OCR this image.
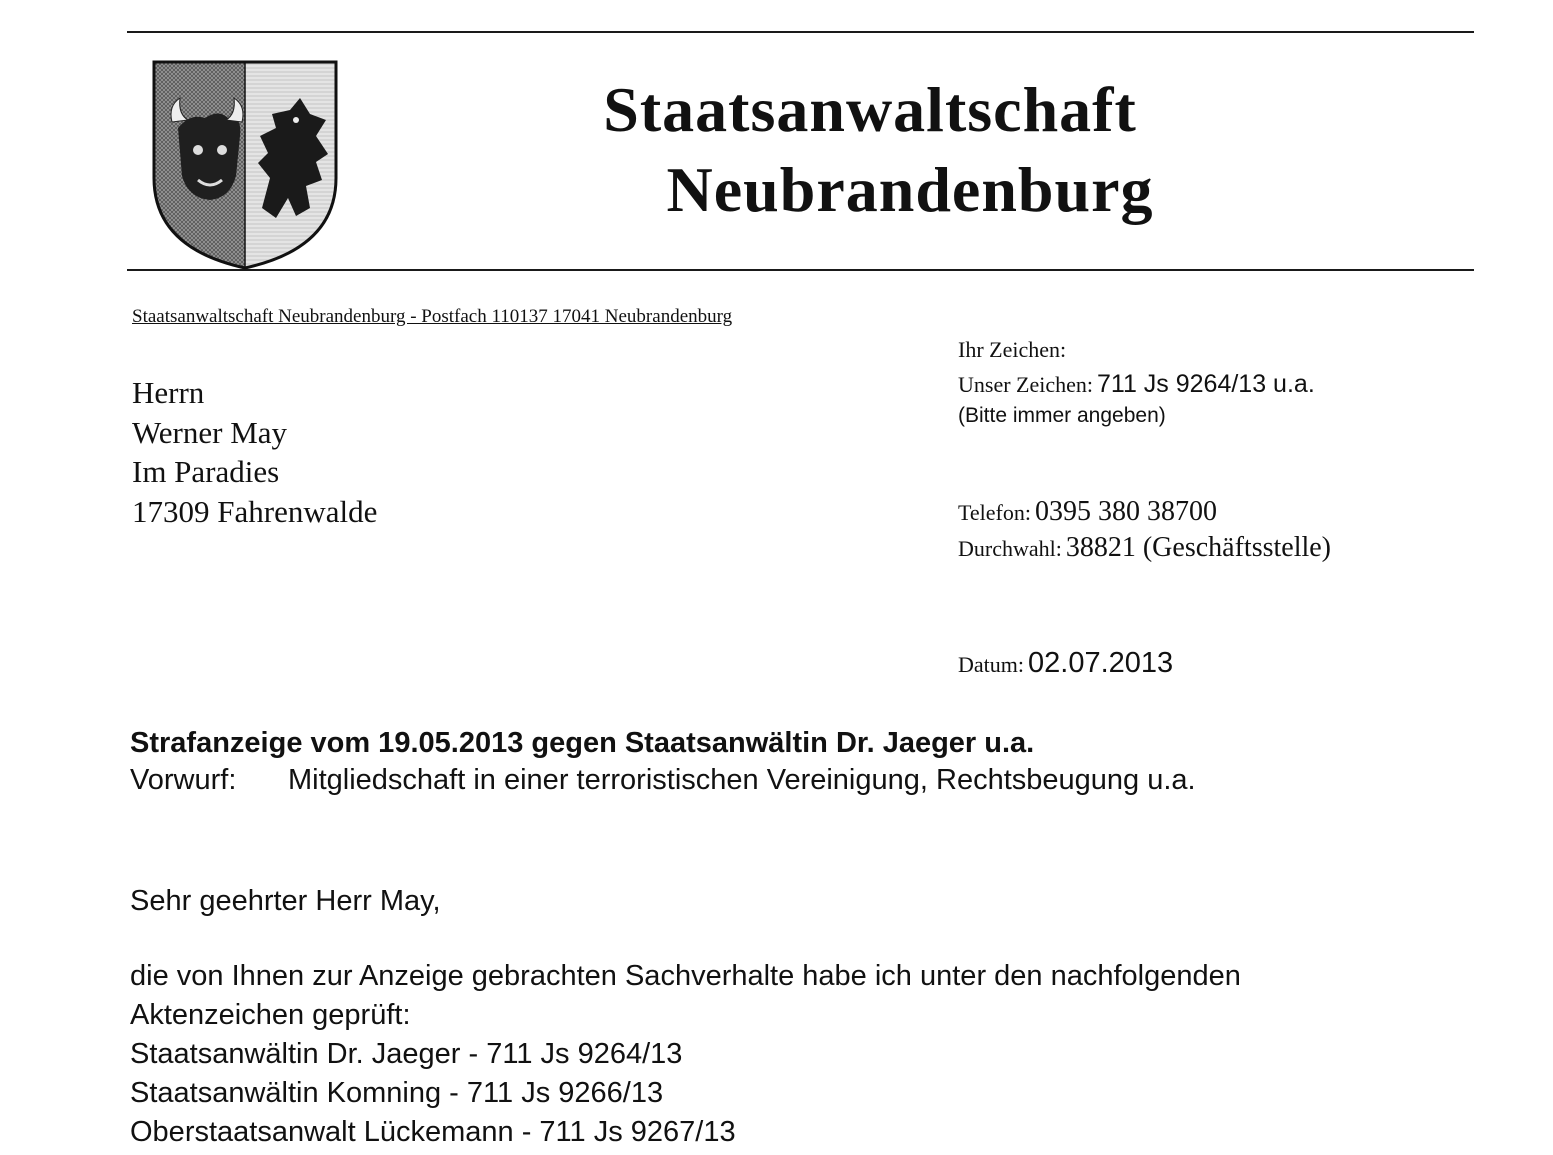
Staatsanwaltschaft
Neubrandenburg
Staatsanwaltschaft Neubrandenburg - Postfach 110137 17041 Neubrandenburg
Herrn
Werner May
Im Paradies
17309 Fahrenwalde
Ihr Zeichen:
Unser Zeichen: 711 Js 9264/13 u.a.
(Bitte immer angeben)
Telefon: 0395 380 38700
Durchwahl: 38821 (Geschäftsstelle)
Datum: 02.07.2013
Strafanzeige vom 19.05.2013 gegen Staatsanwältin Dr. Jaeger u.a.
Vorwurf: Mitgliedschaft in einer terroristischen Vereinigung, Rechtsbeugung u.a.
Sehr geehrter Herr May,
die von Ihnen zur Anzeige gebrachten Sachverhalte habe ich unter den nachfolgenden
Aktenzeichen geprüft:
Staatsanwältin Dr. Jaeger - 711 Js 9264/13
Staatsanwältin Komning - 711 Js 9266/13
Oberstaatsanwalt Lückemann - 711 Js 9267/13
